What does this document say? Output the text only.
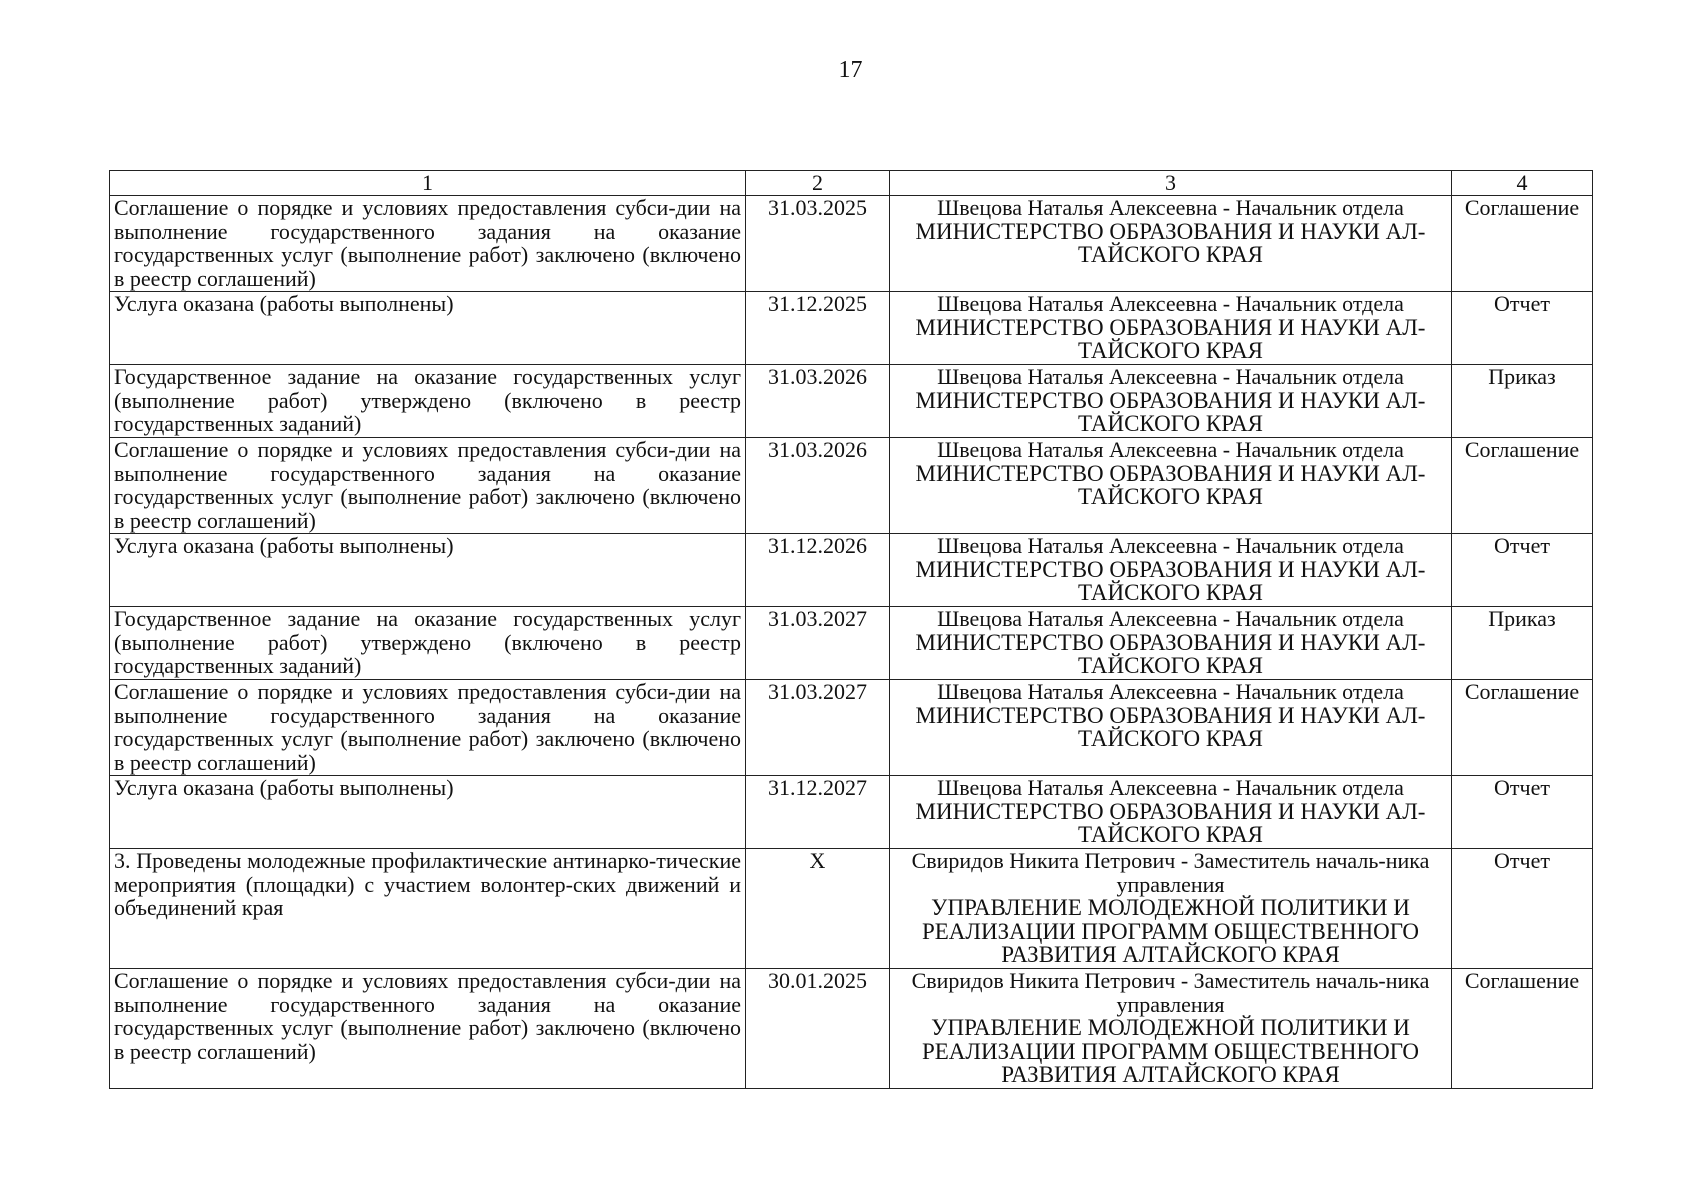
17
1	2	3	4
Соглашение о порядке и условиях предоставления субси-дии на выполнение государственного задания на оказание государственных услуг (выполнение работ) заключено (включено в реестр соглашений)	31.03.2025	Швецова Наталья Алексеевна - Начальник отдела
МИНИСТЕРСТВО ОБРАЗОВАНИЯ И НАУКИ АЛ-ТАЙСКОГО КРАЯ	Соглашение
Услуга оказана (работы выполнены)	31.12.2025	Швецова Наталья Алексеевна - Начальник отдела
МИНИСТЕРСТВО ОБРАЗОВАНИЯ И НАУКИ АЛ-ТАЙСКОГО КРАЯ	Отчет
Государственное задание на оказание государственных услуг (выполнение работ) утверждено (включено в реестр государственных заданий)	31.03.2026	Швецова Наталья Алексеевна - Начальник отдела
МИНИСТЕРСТВО ОБРАЗОВАНИЯ И НАУКИ АЛ-ТАЙСКОГО КРАЯ	Приказ
Соглашение о порядке и условиях предоставления субси-дии на выполнение государственного задания на оказание государственных услуг (выполнение работ) заключено (включено в реестр соглашений)	31.03.2026	Швецова Наталья Алексеевна - Начальник отдела
МИНИСТЕРСТВО ОБРАЗОВАНИЯ И НАУКИ АЛ-ТАЙСКОГО КРАЯ	Соглашение
Услуга оказана (работы выполнены)	31.12.2026	Швецова Наталья Алексеевна - Начальник отдела
МИНИСТЕРСТВО ОБРАЗОВАНИЯ И НАУКИ АЛ-ТАЙСКОГО КРАЯ	Отчет
Государственное задание на оказание государственных услуг (выполнение работ) утверждено (включено в реестр государственных заданий)	31.03.2027	Швецова Наталья Алексеевна - Начальник отдела
МИНИСТЕРСТВО ОБРАЗОВАНИЯ И НАУКИ АЛ-ТАЙСКОГО КРАЯ	Приказ
Соглашение о порядке и условиях предоставления субси-дии на выполнение государственного задания на оказание государственных услуг (выполнение работ) заключено (включено в реестр соглашений)	31.03.2027	Швецова Наталья Алексеевна - Начальник отдела
МИНИСТЕРСТВО ОБРАЗОВАНИЯ И НАУКИ АЛ-ТАЙСКОГО КРАЯ	Соглашение
Услуга оказана (работы выполнены)	31.12.2027	Швецова Наталья Алексеевна - Начальник отдела
МИНИСТЕРСТВО ОБРАЗОВАНИЯ И НАУКИ АЛ-ТАЙСКОГО КРАЯ	Отчет
3. Проведены молодежные профилактические антинарко-тические мероприятия (площадки) с участием волонтер-ских движений и объединений края	X	Свиридов Никита Петрович - Заместитель началь-ника управления
УПРАВЛЕНИЕ МОЛОДЕЖНОЙ ПОЛИТИКИ И РЕАЛИЗАЦИИ ПРОГРАММ ОБЩЕСТВЕННОГО РАЗВИТИЯ АЛТАЙСКОГО КРАЯ	Отчет
Соглашение о порядке и условиях предоставления субси-дии на выполнение государственного задания на оказание государственных услуг (выполнение работ) заключено (включено в реестр соглашений)	30.01.2025	Свиридов Никита Петрович - Заместитель началь-ника управления
УПРАВЛЕНИЕ МОЛОДЕЖНОЙ ПОЛИТИКИ И РЕАЛИЗАЦИИ ПРОГРАММ ОБЩЕСТВЕННОГО РАЗВИТИЯ АЛТАЙСКОГО КРАЯ	Соглашение
